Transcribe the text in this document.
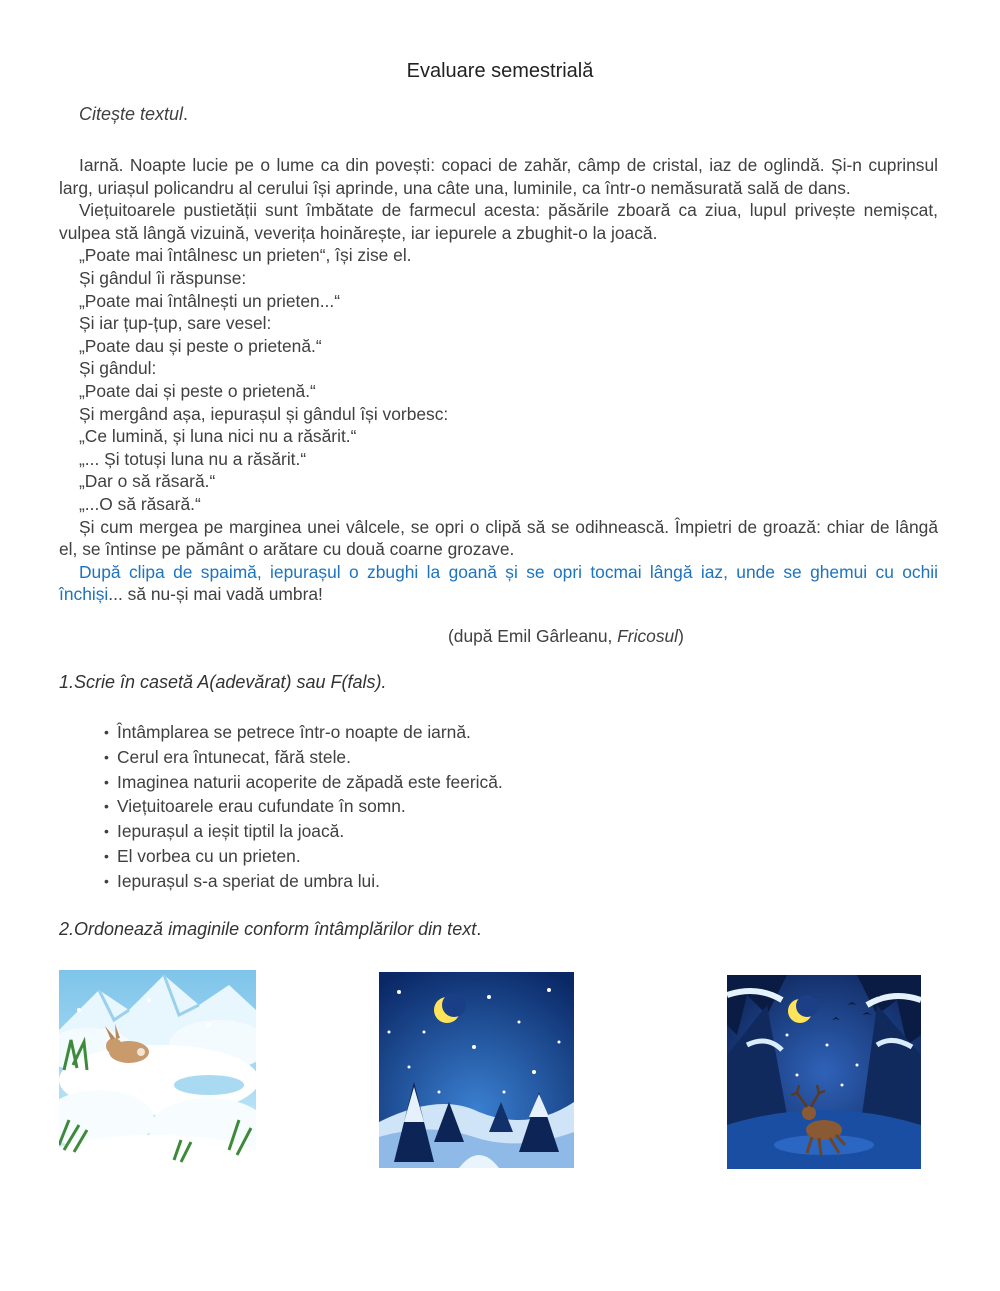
Evaluare semestrială
Citește textul.

Iarnă. Noapte lucie pe o lume ca din povești: copaci de zahăr, câmp de cristal, iaz de oglindă. Și-n cuprinsul larg, uriașul policandru al cerului își aprinde, una câte una, luminile, ca într-o nemăsurată sală de dans.

Viețuitoarele pustietății sunt îmbătate de farmecul acesta: păsările zboară ca ziua, lupul privește nemișcat, vulpea stă lângă vizuină, veverița hoinărește, iar iepurele a zbughit-o la joacă.

„Poate mai întâlnesc un prieten“, își zise el.
Și gândul îi răspunse:
„Poate mai întâlnești un prieten...“
Și iar țup-țup, sare vesel:
„Poate dau și peste o prietenă.“
Și gândul:
„Poate dai și peste o prietenă.“
Și mergând așa, iepurașul și gândul își vorbesc:
„Ce lumină, și luna nici nu a răsărit.“
„... Și totuși luna nu a răsărit.“
„Dar o să răsară.“
„...O să răsară.“

Și cum mergea pe marginea unei vâlcele, se opri o clipă să se odihnească. Împietri de groază: chiar de lângă el, se întinse pe pământ o arătare cu două coarne grozave.

După clipa de spaimă, iepurașul o zbughi la goană și se opri tocmai lângă iaz, unde se ghemui cu ochii închiși... să nu-și mai vadă umbra!

(după Emil Gârleanu, Fricosul)
1.Scrie în casetă A(adevărat) sau F(fals).
• Întâmplarea se petrece într-o noapte de iarnă.
• Cerul era întunecat, fără stele.
• Imaginea naturii acoperite de zăpadă este feerică.
• Viețuitoarele erau cufundate în somn.
• Iepurașul a ieșit tiptil la joacă.
• El vorbea cu un prieten.
• Iepurașul s-a speriat de umbra lui.
2.Ordonează imaginile conform întâmplărilor din text.
